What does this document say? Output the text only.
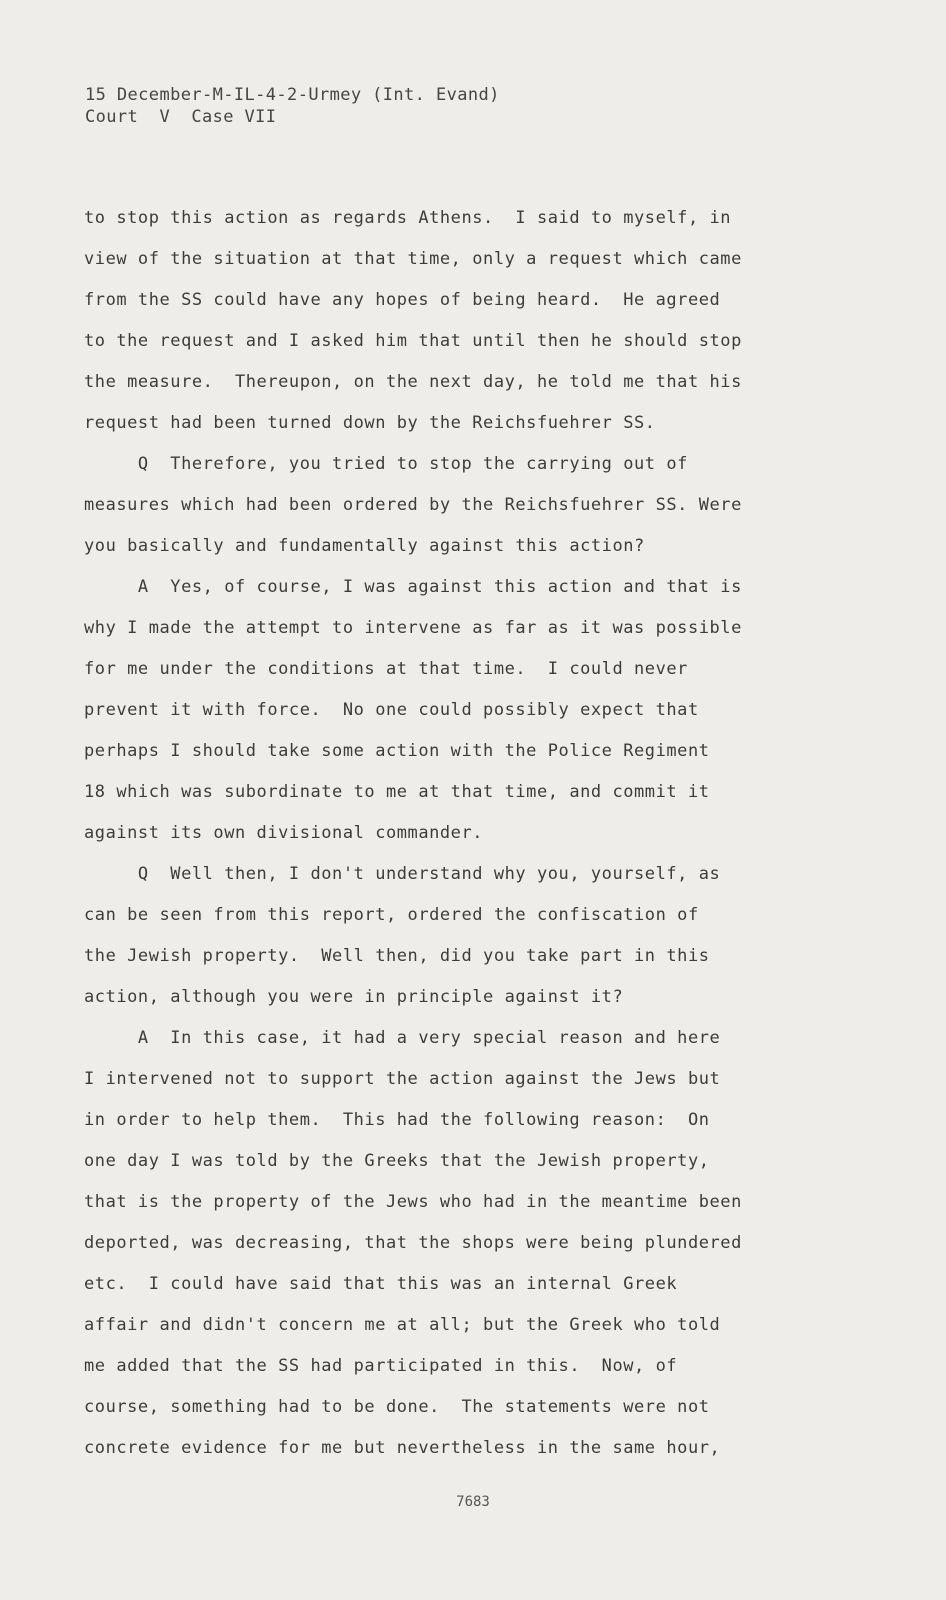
15 December-M-IL-4-2-Urmey (Int. Evand)
Court  V  Case VII
to stop this action as regards Athens.  I said to myself, in
view of the situation at that time, only a request which came
from the SS could have any hopes of being heard.  He agreed
to the request and I asked him that until then he should stop
the measure.  Thereupon, on the next day, he told me that his
request had been turned down by the Reichsfuehrer SS.
Q  Therefore, you tried to stop the carrying out of
measures which had been ordered by the Reichsfuehrer SS. Were
you basically and fundamentally against this action?
A  Yes, of course, I was against this action and that is
why I made the attempt to intervene as far as it was possible
for me under the conditions at that time.  I could never
prevent it with force.  No one could possibly expect that
perhaps I should take some action with the Police Regiment
18 which was subordinate to me at that time, and commit it
against its own divisional commander.
Q  Well then, I don't understand why you, yourself, as
can be seen from this report, ordered the confiscation of
the Jewish property.  Well then, did you take part in this
action, although you were in principle against it?
A  In this case, it had a very special reason and here
I intervened not to support the action against the Jews but
in order to help them.  This had the following reason:  On
one day I was told by the Greeks that the Jewish property,
that is the property of the Jews who had in the meantime been
deported, was decreasing, that the shops were being plundered
etc.  I could have said that this was an internal Greek
affair and didn't concern me at all; but the Greek who told
me added that the SS had participated in this.  Now, of
course, something had to be done.  The statements were not
concrete evidence for me but nevertheless in the same hour,
7683
